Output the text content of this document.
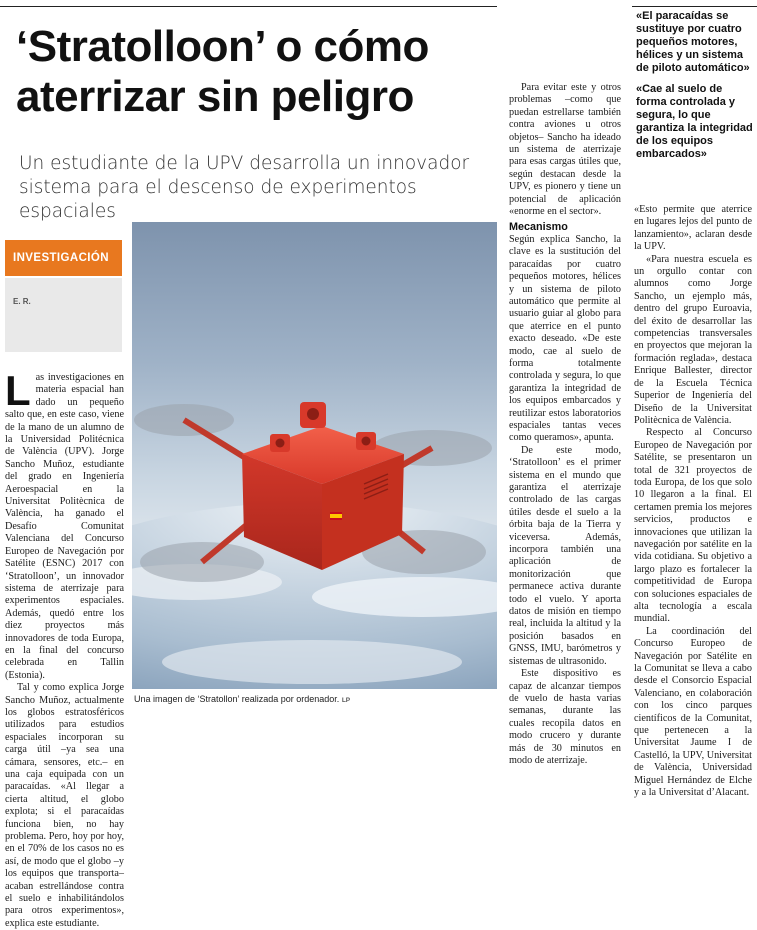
‘Stratolloon’ o cómo aterrizar sin peligro

Un estudiante de la UPV desarrolla un innovador sistema para el descenso de experimentos espaciales

INVESTIGACIÓN
E. R.

Las investigaciones en materia espacial han dado un pequeño salto que, en este caso, viene de la mano de un alumno de la Universidad Politécnica de València (UPV). Jorge Sancho Muñoz, estudiante del grado en Ingeniería Aeroespacial en la Universitat Politècnica de València, ha ganado el Desafío Comunitat Valenciana del Concurso Europeo de Navegación por Satélite (ESNC) 2017 con ‘Stratolloon’, un innovador sistema de aterrizaje para experimentos espaciales. Además, quedó entre los diez proyectos más innovadores de toda Europa, en la final del concurso celebrada en Tallin (Estonia).

Tal y como explica Jorge Sancho Muñoz, actualmente los globos estratosféricos utilizados para estudios espaciales incorporan su carga útil –ya sea una cámara, sensores, etc.– en una caja equipada con un paracaídas. «Al llegar a cierta altitud, el globo explota; si el paracaídas funciona bien, no hay problema. Pero, hoy por hoy, en el 70% de los casos no es así, de modo que el globo –y los equipos que transporta– acaban estrellándose contra el suelo e inhabilitándolos para otros experimentos», explica este estudiante.

Una imagen de ‘Stratollon’ realizada por ordenador. LP

Para evitar este y otros problemas –como que puedan estrellarse también contra aviones u otros objetos– Sancho ha ideado un sistema de aterrizaje para esas cargas útiles que, según destacan desde la UPV, es pionero y tiene un potencial de aplicación «enorme en el sector».

Mecanismo

Según explica Sancho, la clave es la sustitución del paracaídas por cuatro pequeños motores, hélices y un sistema de piloto automático que permite al usuario guiar al globo para que aterrice en el punto exacto deseado. «De este modo, cae al suelo de forma totalmente controlada y segura, lo que garantiza la integridad de los equipos embarcados y reutilizar estos laboratorios espaciales tantas veces como queramos», apunta.

De este modo, ‘Stratolloon’ es el primer sistema en el mundo que garantiza el aterrizaje controlado de las cargas útiles desde el suelo a la órbita baja de la Tierra y viceversa. Además, incorpora también una aplicación de monitorización que permanece activa durante todo el vuelo. Y aporta datos de misión en tiempo real, incluida la altitud y la posición basados en GNSS, IMU, barómetros y sistemas de ultrasonido.

Este dispositivo es capaz de alcanzar tiempos de vuelo de hasta varias semanas, durante las cuales recopila datos en modo crucero y durante más de 30 minutos en modo de aterrizaje.

«El paracaídas se sustituye por cuatro pequeños motores, hélices y un sistema de piloto automático»

«Cae al suelo de forma controlada y segura, lo que garantiza la integridad de los equipos embarcados»

«Esto permite que aterrice en lugares lejos del punto de lanzamiento», aclaran desde la UPV.

«Para nuestra escuela es un orgullo contar con alumnos como Jorge Sancho, un ejemplo más, dentro del grupo Euroavia, del éxito de desarrollar las competencias transversales en proyectos que mejoran la formación reglada», destaca Enrique Ballester, director de la Escuela Técnica Superior de Ingeniería del Diseño de la Universitat Politècnica de València.

Respecto al Concurso Europeo de Navegación por Satélite, se presentaron un total de 321 proyectos de toda Europa, de los que solo 10 llegaron a la final. El certamen premia los mejores servicios, productos e innovaciones que utilizan la navegación por satélite en la vida cotidiana. Su objetivo a largo plazo es fortalecer la competitividad de Europa con soluciones espaciales de alta tecnología a escala mundial.

La coordinación del Concurso Europeo de Navegación por Satélite en la Comunitat se lleva a cabo desde el Consorcio Espacial Valenciano, en colaboración con los cinco parques científicos de la Comunitat, que pertenecen a la Universitat Jaume I de Castelló, la UPV, Universitat de València, Universidad Miguel Hernández de Elche y a la Universitat d’Alacant.
